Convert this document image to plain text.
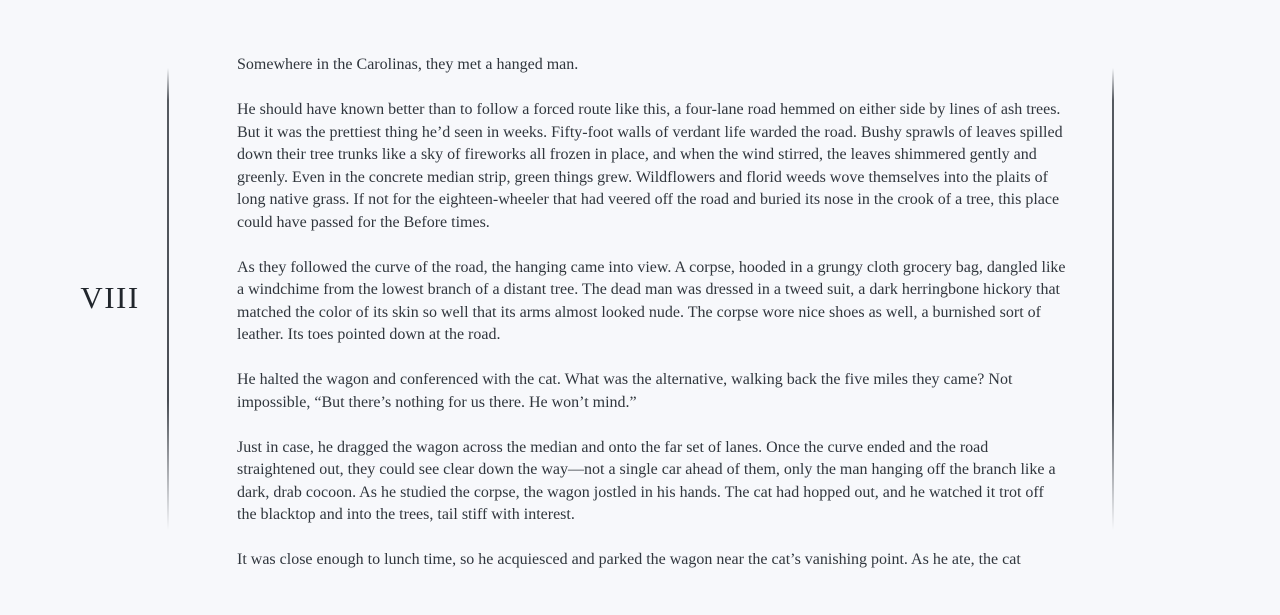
VIII

Somewhere in the Carolinas, they met a hanged man.

He should have known better than to follow a forced route like this, a four-lane road hemmed on either side by lines of ash trees. But it was the prettiest thing he’d seen in weeks. Fifty-foot walls of verdant life warded the road. Bushy sprawls of leaves spilled down their tree trunks like a sky of fireworks all frozen in place, and when the wind stirred, the leaves shimmered gently and greenly. Even in the concrete median strip, green things grew. Wildflowers and florid weeds wove themselves into the plaits of long native grass. If not for the eighteen-wheeler that had veered off the road and buried its nose in the crook of a tree, this place could have passed for the Before times.

As they followed the curve of the road, the hanging came into view. A corpse, hooded in a grungy cloth grocery bag, dangled like a windchime from the lowest branch of a distant tree. The dead man was dressed in a tweed suit, a dark herringbone hickory that matched the color of its skin so well that its arms almost looked nude. The corpse wore nice shoes as well, a burnished sort of leather. Its toes pointed down at the road.

He halted the wagon and conferenced with the cat. What was the alternative, walking back the five miles they came? Not impossible, “But there’s nothing for us there. He won’t mind.”

Just in case, he dragged the wagon across the median and onto the far set of lanes. Once the curve ended and the road straightened out, they could see clear down the way—not a single car ahead of them, only the man hanging off the branch like a dark, drab cocoon. As he studied the corpse, the wagon jostled in his hands. The cat had hopped out, and he watched it trot off the blacktop and into the trees, tail stiff with interest.

It was close enough to lunch time, so he acquiesced and parked the wagon near the cat’s vanishing point. As he ate, the cat
